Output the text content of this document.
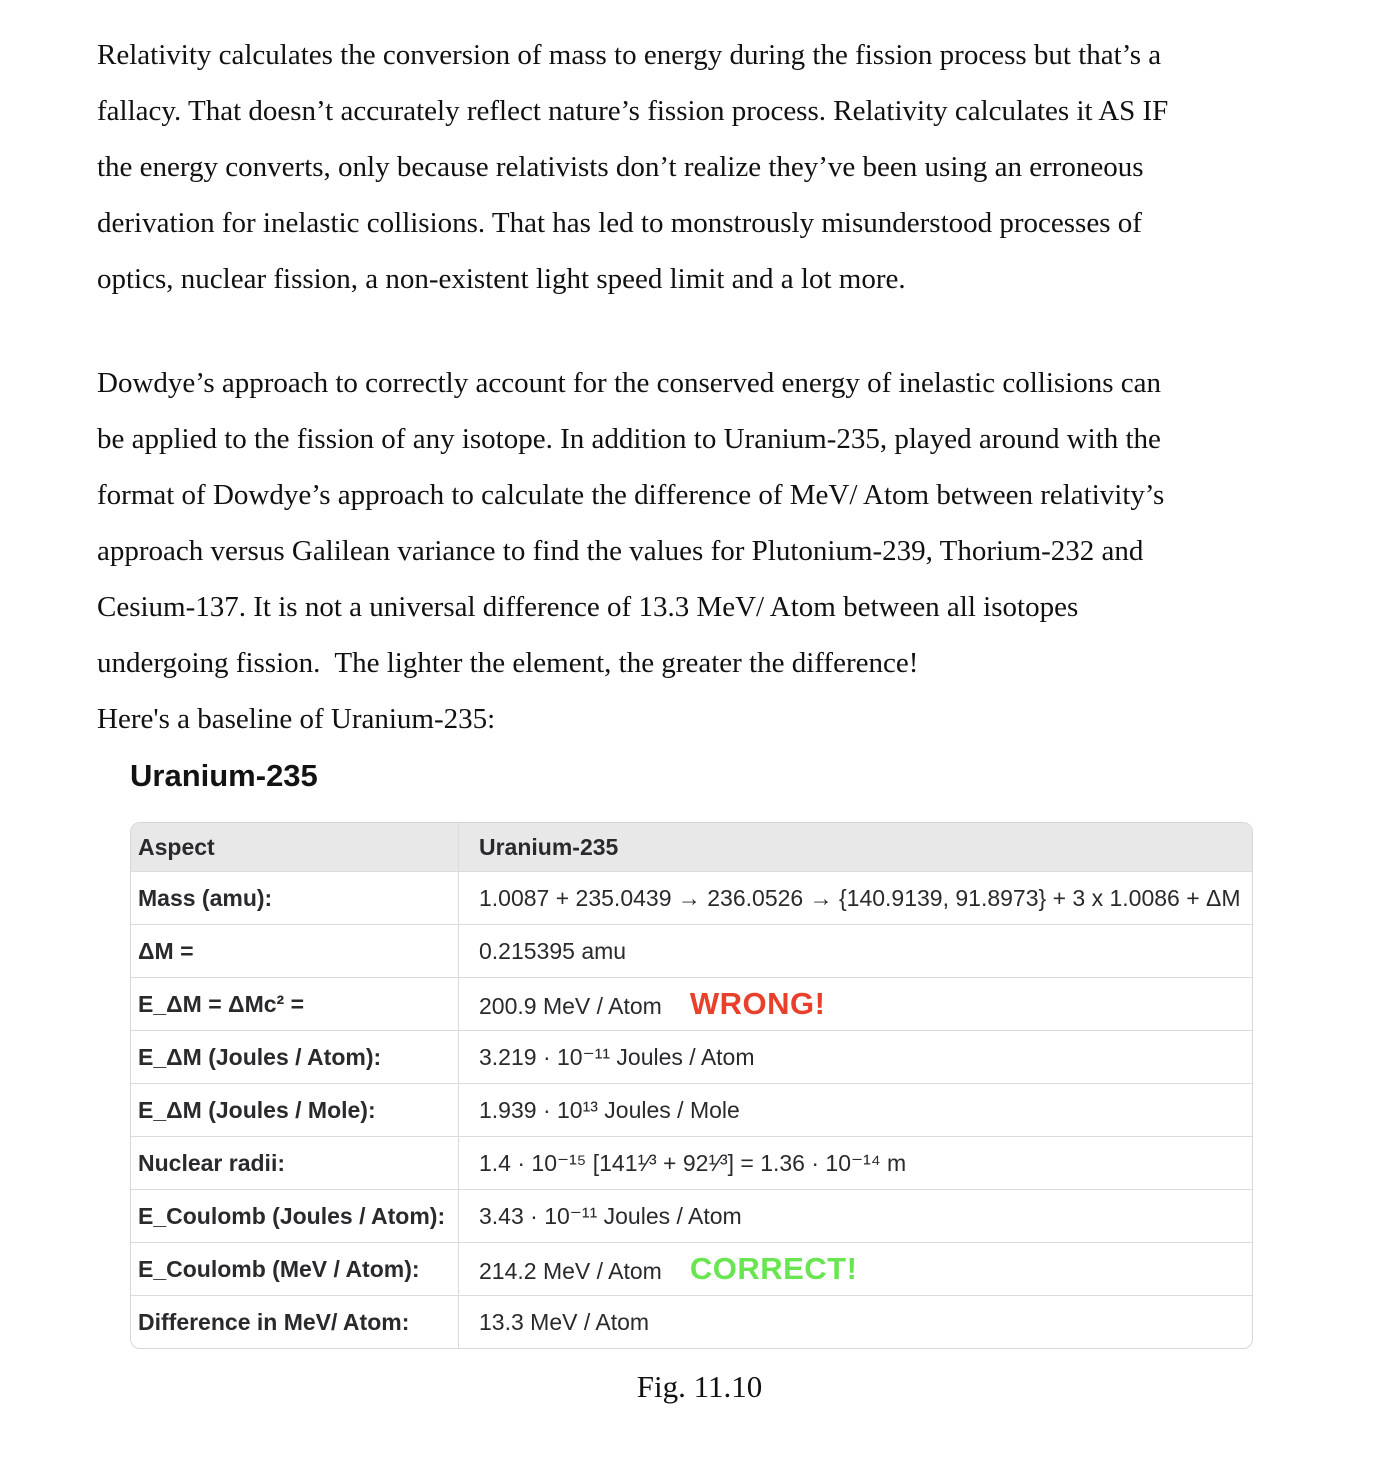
Relativity calculates the conversion of mass to energy during the fission process but that’s a
fallacy. That doesn’t accurately reflect nature’s fission process. Relativity calculates it AS IF
the energy converts, only because relativists don’t realize they’ve been using an erroneous
derivation for inelastic collisions. That has led to monstrously misunderstood processes of
optics, nuclear fission, a non-existent light speed limit and a lot more.
Dowdye’s approach to correctly account for the conserved energy of inelastic collisions can
be applied to the fission of any isotope. In addition to Uranium-235, played around with the
format of Dowdye’s approach to calculate the difference of MeV/ Atom between relativity’s
approach versus Galilean variance to find the values for Plutonium-239, Thorium-232 and
Cesium-137. It is not a universal difference of 13.3 MeV/ Atom between all isotopes
undergoing fission.  The lighter the element, the greater the difference!
Here's a baseline of Uranium-235:
Uranium-235
Aspect	Uranium-235
Mass (amu):	1.0087 + 235.0439 → 236.0526 → {140.9139, 91.8973} + 3 x 1.0086 + ΔM
ΔM =	0.215395 amu
E_ΔM = ΔMc² =	200.9 MeV / Atom WRONG!
E_ΔM (Joules / Atom):	3.219 · 10⁻¹¹ Joules / Atom
E_ΔM (Joules / Mole):	1.939 · 10¹³ Joules / Mole
Nuclear radii:	1.4 · 10⁻¹⁵ [141¹⁄³ + 92¹⁄³] = 1.36 · 10⁻¹⁴ m
E_Coulomb (Joules / Atom):	3.43 · 10⁻¹¹ Joules / Atom
E_Coulomb (MeV / Atom):	214.2 MeV / Atom CORRECT!
Difference in MeV/ Atom:	13.3 MeV / Atom
Fig. 11.10
